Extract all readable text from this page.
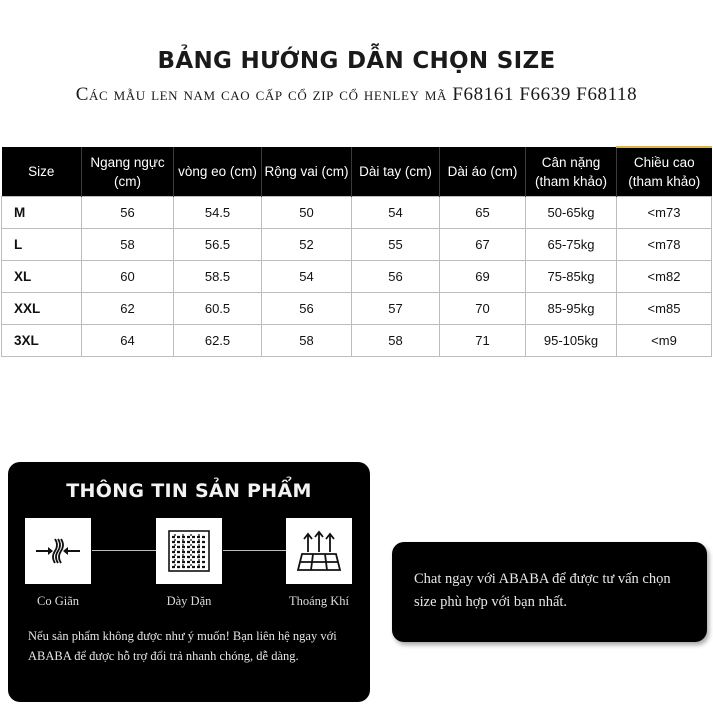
BẢNG HƯỚNG DẪN CHỌN SIZE
Các mẫu len nam cao cấp cổ zip cổ henley mã F68161 F6639 F68118
Size	Ngang ngực (cm)	vòng eo (cm)	Rộng vai (cm)	Dài tay (cm)	Dài áo (cm)	Cân nặng (tham khảo)	Chiều cao (tham khảo)
M	56	54.5	50	54	65	50-65kg	<m73
L	58	56.5	52	55	67	65-75kg	<m78
XL	60	58.5	54	56	69	75-85kg	<m82
XXL	62	60.5	56	57	70	85-95kg	<m85
3XL	64	62.5	58	58	71	95-105kg	<m9
THÔNG TIN SẢN PHẨM
Co Giãn	Dày Dặn	Thoáng Khí
Nếu sản phẩm không được như ý muốn! Bạn liên hệ ngay với ABABA để được hỗ trợ đổi trả nhanh chóng, dễ dàng.
Chat ngay với ABABA để được tư vấn chọn size phù hợp với bạn nhất.
